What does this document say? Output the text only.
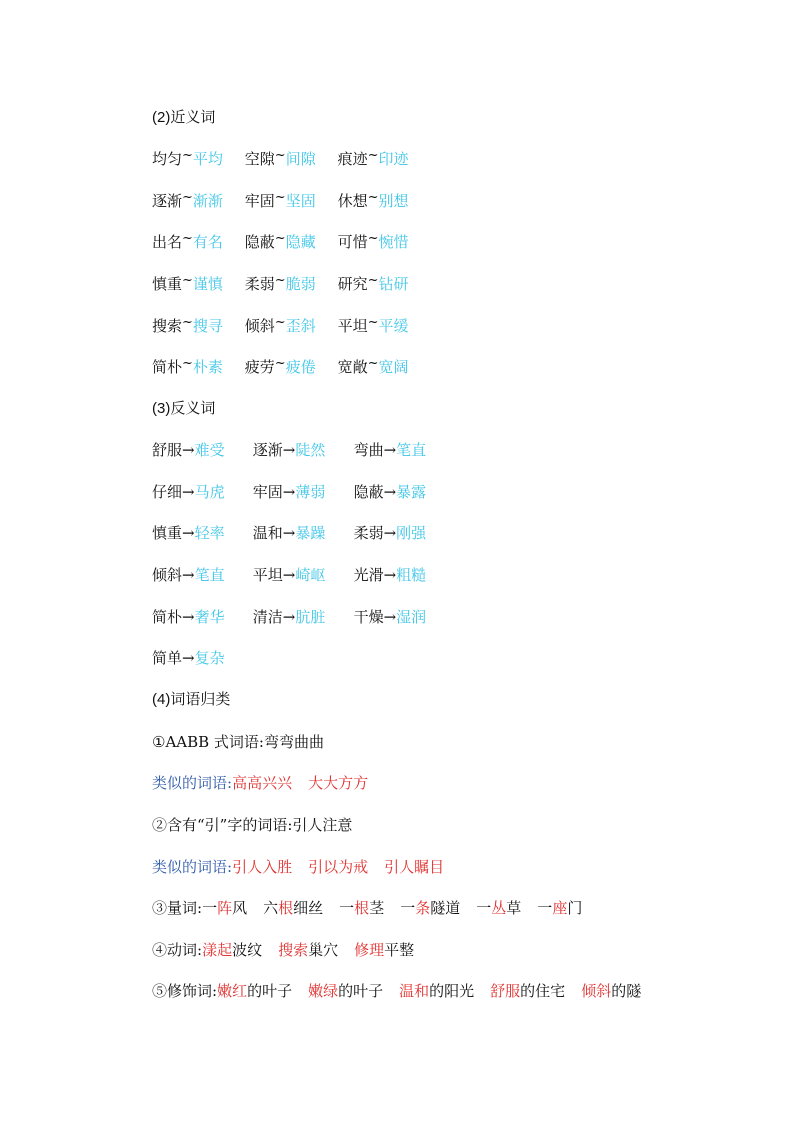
(2)近义词
均匀~平均 空隙~间隙 痕迹~印迹
逐渐~渐渐 牢固~坚固 休想~别想
出名~有名 隐蔽~隐藏 可惜~惋惜
慎重~谨慎 柔弱~脆弱 研究~钻研
搜索~搜寻 倾斜~歪斜 平坦~平缓
简朴~朴素 疲劳~疲倦 宽敞~宽阔
(3)反义词
舒服→难受 逐渐→陡然 弯曲→笔直
仔细→马虎 牢固→薄弱 隐蔽→暴露
慎重→轻率 温和→暴躁 柔弱→刚强
倾斜→笔直 平坦→崎岖 光滑→粗糙
简朴→奢华 清洁→肮脏 干燥→湿润
简单→复杂
(4)词语归类
①AABB 式词语:弯弯曲曲
类似的词语:高高兴兴 大大方方
②含有“引”字的词语:引人注意
类似的词语:引人入胜 引以为戒 引人瞩目
③量词:一阵风 六根细丝 一根茎 一条隧道 一丛草 一座门
④动词:漾起波纹 搜索巢穴 修理平整
⑤修饰词:嫩红的叶子 嫩绿的叶子 温和的阳光 舒服的住宅 倾斜的隧
